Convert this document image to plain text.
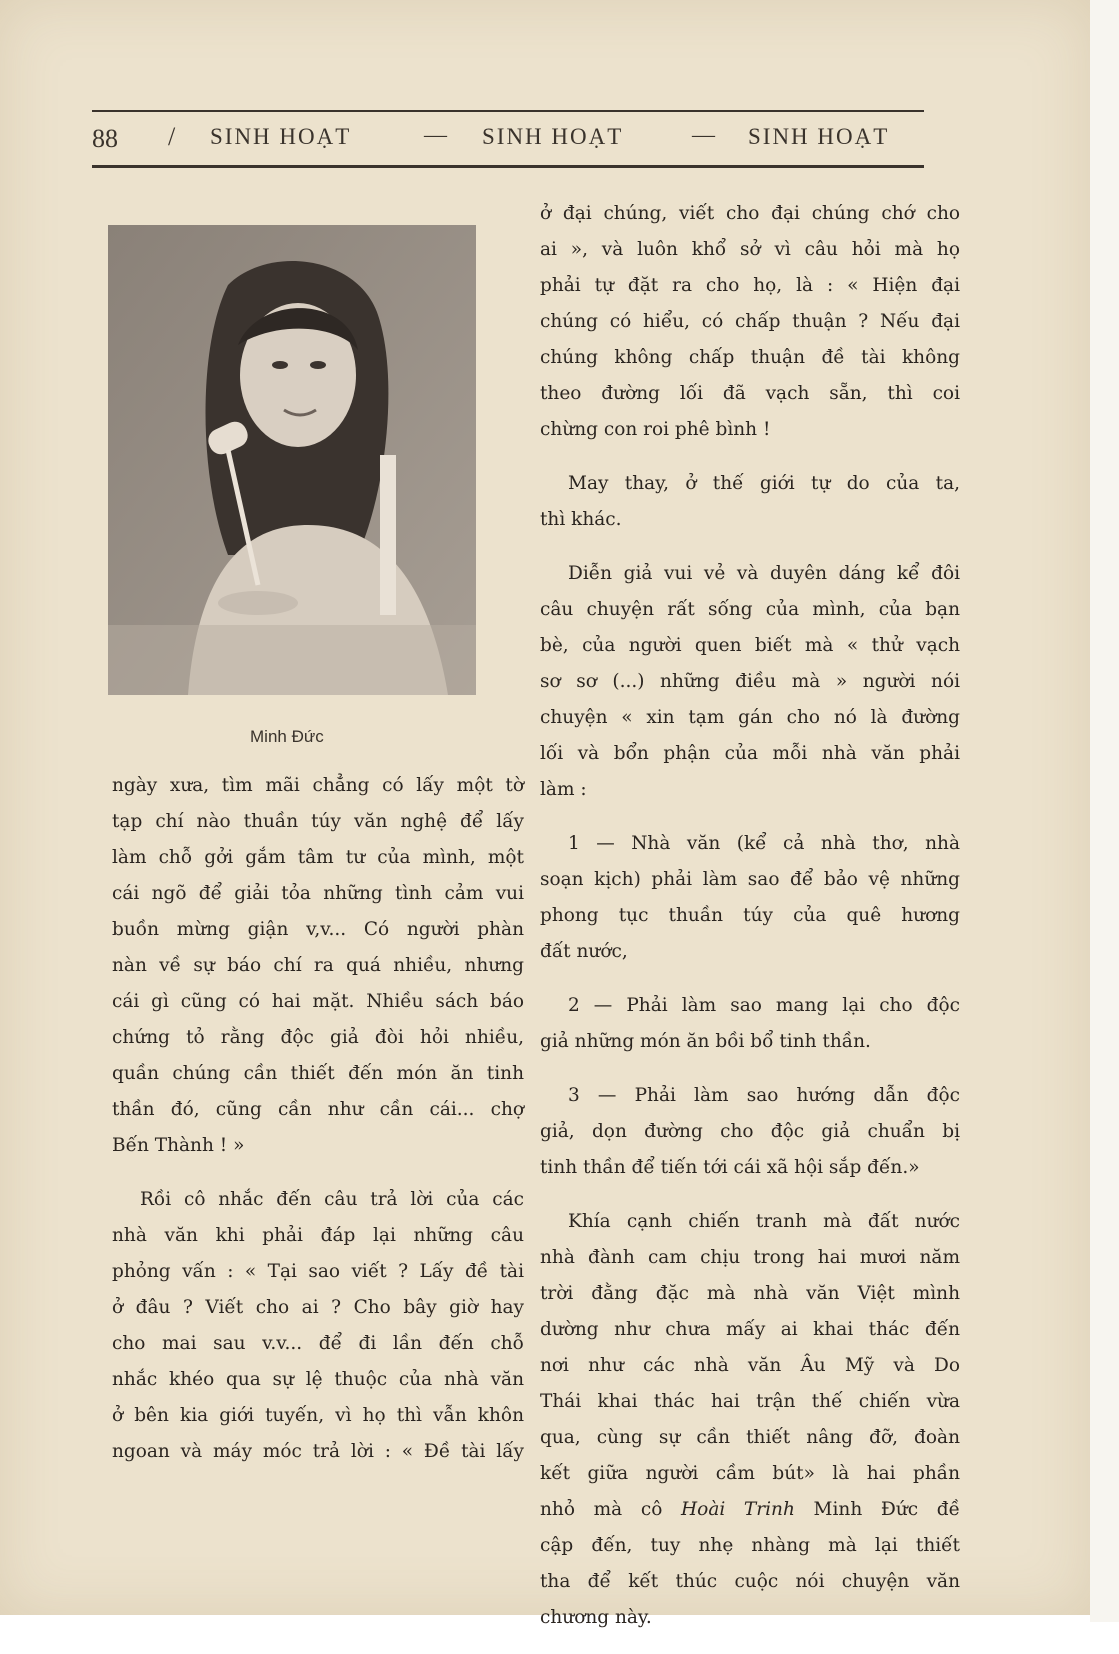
88 / SINH HOẠT	— SINH HOẠT	— SINH HOẠT
Minh Đức

ngày xưa, tìm mãi chẳng có lấy một tờ
tạp chí nào thuần túy văn nghệ để lấy
làm chỗ gởi gắm tâm tư của mình, một
cái ngõ để giải tỏa những tình cảm vui
buồn mừng giận v,v... Có người phàn
nàn về sự báo chí ra quá nhiều, nhưng
cái gì cũng có hai mặt. Nhiều sách báo
chứng tỏ rằng độc giả đòi hỏi nhiều,
quần chúng cần thiết đến món ăn tinh
thần đó, cũng cần như cần cái... chợ
Bến Thành ! »

Rồi cô nhắc đến câu trả lời của các
nhà văn khi phải đáp lại những câu
phỏng vấn : « Tại sao viết ? Lấy đề tài
ở đâu ? Viết cho ai ? Cho bây giờ hay
cho mai sau v.v... để đi lần đến chỗ
nhắc khéo qua sự lệ thuộc của nhà văn
ở bên kia giới tuyến, vì họ thì vẫn khôn
ngoan và máy móc trả lời : « Đề tài lấy

ở đại chúng, viết cho đại chúng chớ cho
ai », và luôn khổ sở vì câu hỏi mà họ
phải tự đặt ra cho họ, là : « Hiện đại
chúng có hiểu, có chấp thuận ? Nếu đại
chúng không chấp thuận đề tài không
theo đường lối đã vạch sẵn, thì coi
chừng con roi phê bình !

May thay, ở thế giới tự do của ta,
thì khác.

Diễn giả vui vẻ và duyên dáng kể đôi
câu chuyện rất sống của mình, của bạn
bè, của người quen biết mà « thử vạch
sơ sơ (...) những điều mà » người nói
chuyện « xin tạm gán cho nó là đường
lối và bổn phận của mỗi nhà văn phải
làm :

1 — Nhà văn (kể cả nhà thơ, nhà
soạn kịch) phải làm sao để bảo vệ những
phong tục thuần túy của quê hương
đất nước,

2 — Phải làm sao mang lại cho độc
giả những món ăn bồi bổ tinh thần.

3 — Phải làm sao hướng dẫn độc
giả, dọn đường cho độc giả chuẩn bị
tinh thần để tiến tới cái xã hội sắp đến.»

Khía cạnh chiến tranh mà đất nước
nhà đành cam chịu trong hai mươi năm
trời đằng đặc mà nhà văn Việt mình
dường như chưa mấy ai khai thác đến
nơi như các nhà văn Âu Mỹ và Do
Thái khai thác hai trận thế chiến vừa
qua, cùng sự cần thiết nâng đỡ, đoàn
kết giữa người cầm bút» là hai phần
nhỏ mà cô Hoài Trinh Minh Đức đề
cập đến, tuy nhẹ nhàng mà lại thiết
tha để kết thúc cuộc nói chuyện văn
chương này.
